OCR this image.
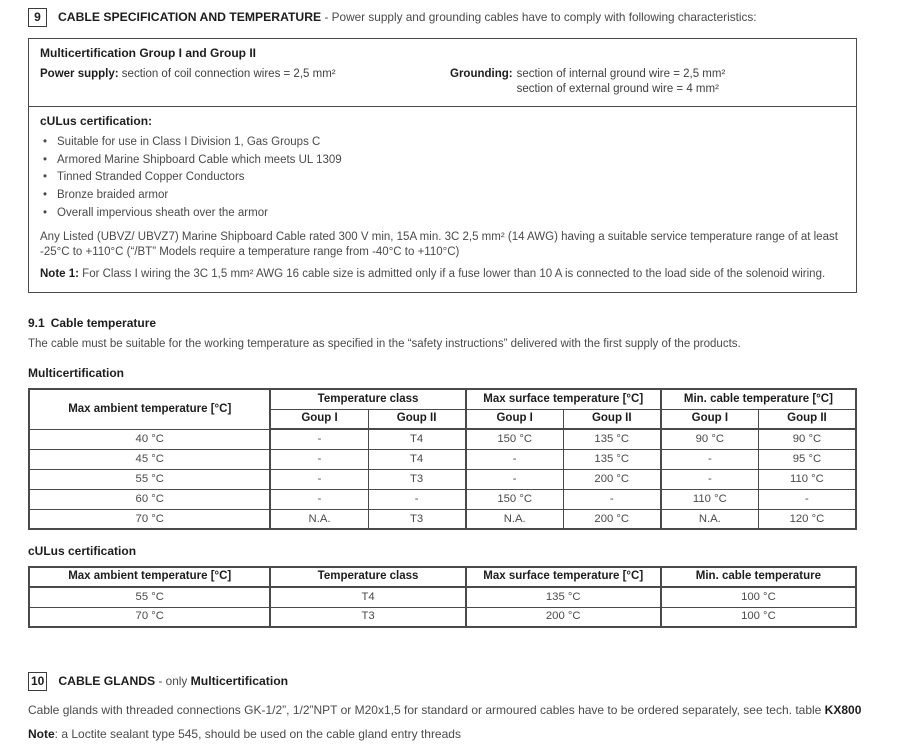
9	CABLE SPECIFICATION AND TEMPERATURE - Power supply and grounding cables have to comply with following characteristics:
Multicertification Group I and Group II
Power supply: section of coil connection wires = 2,5 mm²	Grounding: section of internal ground wire = 2,5 mm²
section of external ground wire = 4 mm²
cULus certification:
• Suitable for use in Class I Division 1, Gas Groups C
• Armored Marine Shipboard Cable which meets UL 1309
• Tinned Stranded Copper Conductors
• Bronze braided armor
• Overall impervious sheath over the armor
Any Listed (UBVZ/ UBVZ7) Marine Shipboard Cable rated 300 V min, 15A min. 3C 2,5 mm² (14 AWG) having a suitable service temperature range of at least -25°C to +110°C (“/BT” Models require a temperature range from -40°C to +110°C)
Note 1: For Class I wiring the 3C 1,5 mm² AWG 16 cable size is admitted only if a fuse lower than 10 A is connected to the load side of the solenoid wiring.
9.1 Cable temperature
The cable must be suitable for the working temperature as specified in the “safety instructions” delivered with the first supply of the products.
Multicertification
Max ambient temperature [°C]	Temperature class		Max surface temperature [°C]		Min. cable temperature [°C]	
	Goup I	Goup II	Goup I	Goup II	Goup I	Goup II
40 °C	-	T4	150 °C	135 °C	90 °C	90 °C
45 °C	-	T4	-	135 °C	-	95 °C
55 °C	-	T3	-	200 °C	-	110 °C
60 °C	-	-	150 °C	-	110 °C	-
70 °C	N.A.	T3	N.A.	200 °C	N.A.	120 °C
cULus certification
Max ambient temperature [°C]	Temperature class	Max surface temperature [°C]	Min. cable temperature
55 °C	T4	135 °C	100 °C
70 °C	T3	200 °C	100 °C
10 CABLE GLANDS - only Multicertification
Cable glands with threaded connections GK-1/2”, 1/2”NPT or M20x1,5 for standard or armoured cables have to be ordered separately, see tech. table KX800
Note: a Loctite sealant type 545, should be used on the cable gland entry threads
